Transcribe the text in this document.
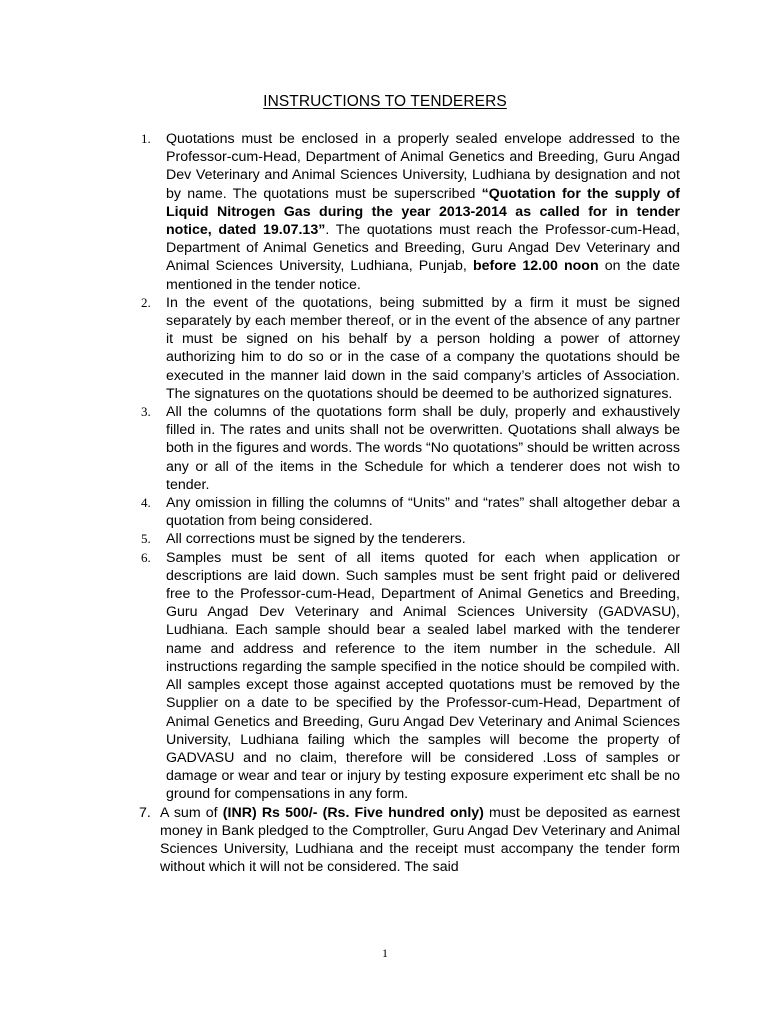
INSTRUCTIONS TO TENDERERS
1. Quotations must be enclosed in a properly sealed envelope addressed to the Professor-cum-Head, Department of Animal Genetics and Breeding, Guru Angad Dev Veterinary and Animal Sciences University, Ludhiana by designation and not by name. The quotations must be superscribed “Quotation for the supply of Liquid Nitrogen Gas during the year 2013-2014 as called for in tender notice, dated 19.07.13”. The quotations must reach the Professor-cum-Head, Department of Animal Genetics and Breeding, Guru Angad Dev Veterinary and Animal Sciences University, Ludhiana, Punjab, before 12.00 noon on the date mentioned in the tender notice.
2. In the event of the quotations, being submitted by a firm it must be signed separately by each member thereof, or in the event of the absence of any partner it must be signed on his behalf by a person holding a power of attorney authorizing him to do so or in the case of a company the quotations should be executed in the manner laid down in the said company’s articles of Association. The signatures on the quotations should be deemed to be authorized signatures.
3. All the columns of the quotations form shall be duly, properly and exhaustively filled in. The rates and units shall not be overwritten. Quotations shall always be both in the figures and words. The words “No quotations” should be written across any or all of the items in the Schedule for which a tenderer does not wish to tender.
4. Any omission in filling the columns of “Units” and “rates” shall altogether debar a quotation from being considered.
5. All corrections must be signed by the tenderers.
6. Samples must be sent of all items quoted for each when application or descriptions are laid down. Such samples must be sent fright paid or delivered free to the Professor-cum-Head, Department of Animal Genetics and Breeding, Guru Angad Dev Veterinary and Animal Sciences University (GADVASU), Ludhiana. Each sample should bear a sealed label marked with the tenderer name and address and reference to the item number in the schedule. All instructions regarding the sample specified in the notice should be compiled with. All samples except those against accepted quotations must be removed by the Supplier on a date to be specified by the Professor-cum-Head, Department of Animal Genetics and Breeding, Guru Angad Dev Veterinary and Animal Sciences University, Ludhiana failing which the samples will become the property of GADVASU and no claim, therefore will be considered .Loss of samples or damage or wear and tear or injury by testing exposure experiment etc shall be no ground for compensations in any form.
7. A sum of (INR) Rs 500/- (Rs. Five hundred only) must be deposited as earnest money in Bank pledged to the Comptroller, Guru Angad Dev Veterinary and Animal Sciences University, Ludhiana and the receipt must accompany the tender form without which it will not be considered. The said
1
